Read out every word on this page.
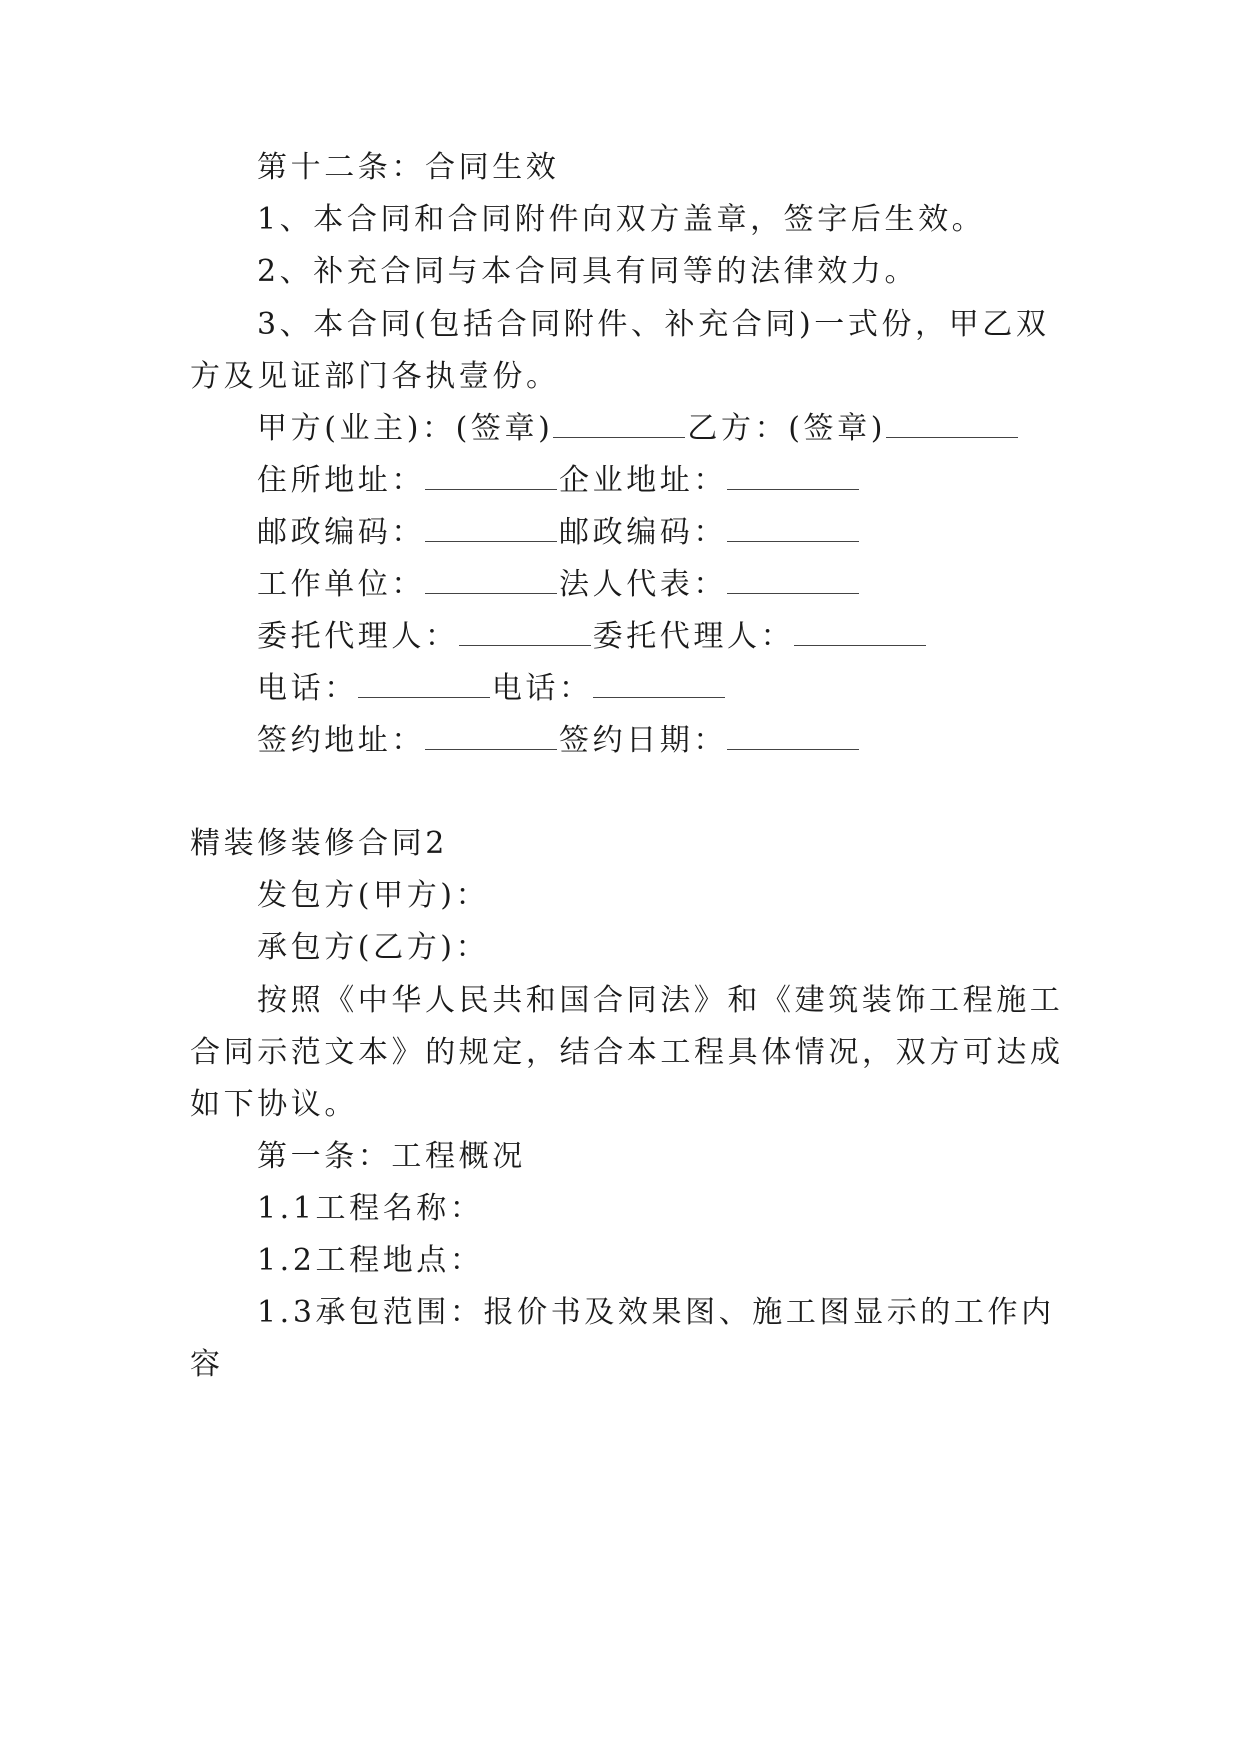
第十二条：合同生效
1、本合同和合同附件向双方盖章，签字后生效。
2、补充合同与本合同具有同等的法律效力。
3、本合同(包括合同附件、补充合同)一式份，甲乙双
方及见证部门各执壹份。
甲方(业主)：(签章)	乙方：(签章)
住所地址：	企业地址：
邮政编码：	邮政编码：
工作单位：	法人代表：
委托代理人：	委托代理人：
电话：	电话：
签约地址：	签约日期：
精装修装修合同2
发包方(甲方)：
承包方(乙方)：
按照《中华人民共和国合同法》和《建筑装饰工程施工
合同示范文本》的规定，结合本工程具体情况，双方可达成
如下协议。
第一条：工程概况
1.1工程名称：
1.2工程地点：
1.3承包范围：报价书及效果图、施工图显示的工作内
容
